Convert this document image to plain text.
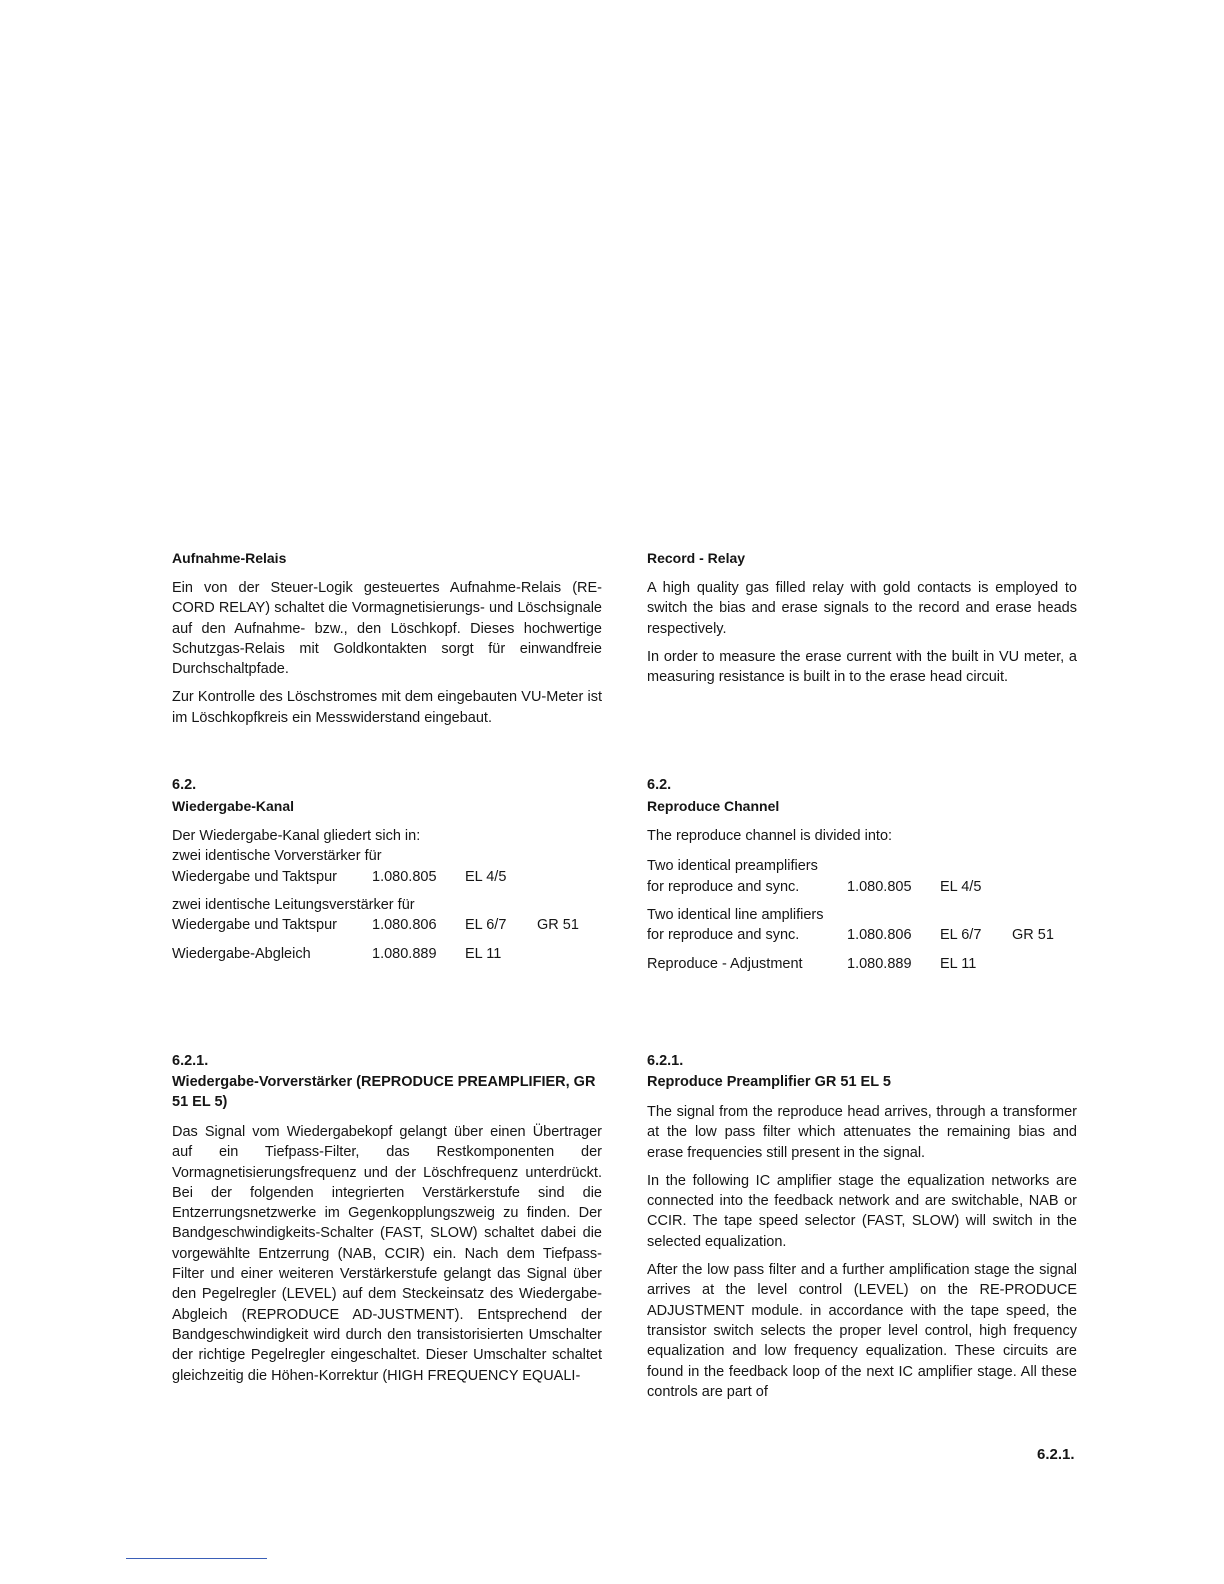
Aufnahme-Relais

Ein von der Steuer-Logik gesteuertes Aufnahme-Relais (RE-CORD RELAY) schaltet die Vormagnetisierungs- und Löschsignale auf den Aufnahme- bzw., den Löschkopf. Dieses hochwertige Schutzgas-Relais mit Goldkontakten sorgt für einwandfreie Durchschaltpfade.

Zur Kontrolle des Löschstromes mit dem eingebauten VU-Meter ist im Löschkopfkreis ein Messwiderstand eingebaut.

Record - Relay

A high quality gas filled relay with gold contacts is employed to switch the bias and erase signals to the record and erase heads respectively.

In order to measure the erase current with the built in VU meter, a measuring resistance is built in to the erase head circuit.

6.2.

Wiedergabe-Kanal

Der Wiedergabe-Kanal gliedert sich in:

zwei identische Vorverstärker für

Wiedergabe und Taktspur 1.080.805 EL 4/5

zwei identische Leitungsverstärker für

Wiedergabe und Taktspur 1.080.806 EL 6/7 GR 51
Wiedergabe-Abgleich	1.080.889 EL 11

6.2.

Reproduce Channel

The reproduce channel is divided into:

Two identical preamplifiers for reproduce and sync.	1.080.805 EL 4/5
Two identical line amplifiers for reproduce and sync.	1.080.806 EL 6/7 GR 51
Reproduce - Adjustment	1.080.889 EL 11

6.2.1.

Wiedergabe-Vorverstärker (REPRODUCE PREAMPLIFIER, GR 51 EL 5)

Das Signal vom Wiedergabekopf gelangt über einen Übertrager auf ein Tiefpass-Filter, das Restkomponenten der Vormagnetisierungsfrequenz und der Löschfrequenz unterdrückt. Bei der folgenden integrierten Verstärkerstufe sind die Entzerrungsnetzwerke im Gegenkopplungszweig zu finden. Der Bandgeschwindigkeits-Schalter (FAST, SLOW) schaltet dabei die vorgewählte Entzerrung (NAB, CCIR) ein. Nach dem Tiefpass-Filter und einer weiteren Verstärkerstufe gelangt das Signal über den Pegelregler (LEVEL) auf dem Steckeinsatz des Wiedergabe-Abgleich (REPRODUCE AD-JUSTMENT). Entsprechend der Bandgeschwindigkeit wird durch den transistorisierten Umschalter der richtige Pegelregler eingeschaltet. Dieser Umschalter schaltet gleichzeitig die Höhen-Korrektur (HIGH FREQUENCY EQUALI-

6.2.1.

Reproduce Preamplifier GR 51 EL 5

The signal from the reproduce head arrives, through a transformer at the low pass filter which attenuates the remaining bias and erase frequencies still present in the signal.

In the following IC amplifier stage the equalization networks are connected into the feedback network and are switchable, NAB or CCIR. The tape speed selector (FAST, SLOW) will switch in the selected equalization.

After the low pass filter and a further amplification stage the signal arrives at the level control (LEVEL) on the RE-PRODUCE ADJUSTMENT module. in accordance with the tape speed, the transistor switch selects the proper level control, high frequency equalization and low frequency equalization. These circuits are found in the feedback loop of the next IC amplifier stage. All these controls are part of

6.2.1.
